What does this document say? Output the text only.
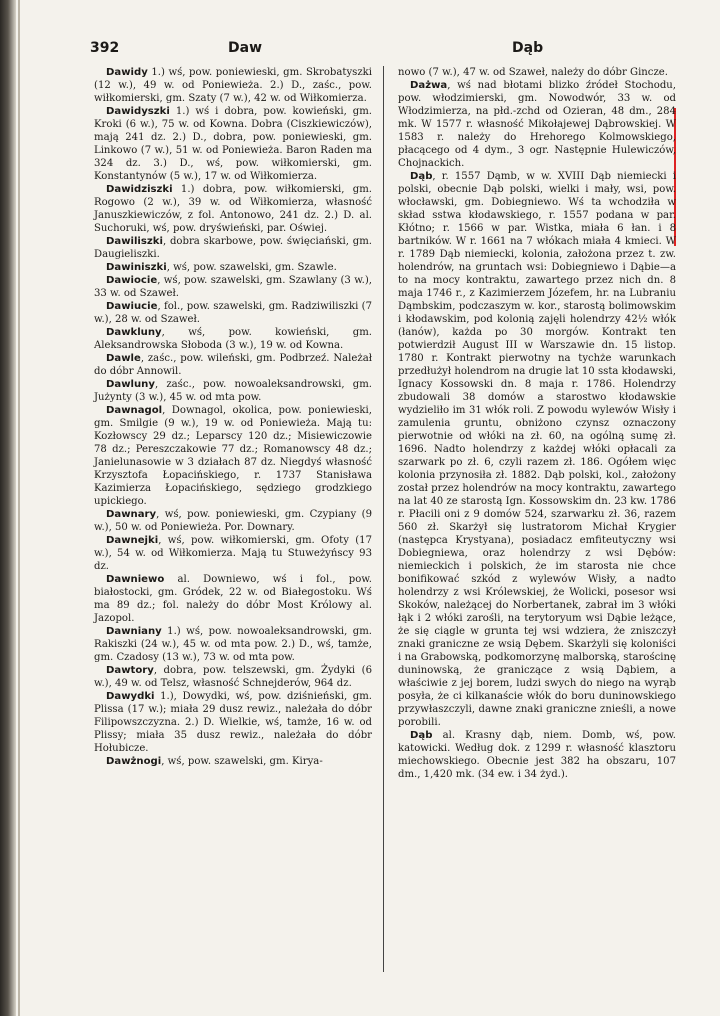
392	Daw	Dąb

Dawidy 1.) wś, pow. poniewieski, gm. Skrobatyszki (12 w.), 49 w. od Poniewieża. 2.) D., zaśc., pow. wiłkomierski, gm. Szaty (7 w.), 42 w. od Wiłkomierza.

Dawidyszki 1.) wś i dobra, pow. kowieński, gm. Kroki (6 w.), 75 w. od Kowna. Dobra (Ciszkiewiczów), mają 241 dz. 2.) D., dobra, pow. poniewieski, gm. Linkowo (7 w.), 51 w. od Poniewieża. Baron Raden ma 324 dz. 3.) D., wś, pow. wiłkomierski, gm. Konstantynów (5 w.), 17 w. od Wiłkomierza.

Dawidziszki 1.) dobra, pow. wiłkomierski, gm. Rogowo (2 w.), 39 w. od Wiłkomierza, własność Januszkiewiczów, z fol. Antonowo, 241 dz. 2.) D. al. Suchoruki, wś, pow. dryświeński, par. Oświej.

Dawiliszki, dobra skarbowe, pow. święciański, gm. Daugieliszki.

Dawiniszki, wś, pow. szawelski, gm. Szawle.

Dawiocie, wś, pow. szawelski, gm. Szawlany (3 w.), 33 w. od Szaweł.

Dawiucie, fol., pow. szawelski, gm. Radziwiliszki (7 w.), 28 w. od Szaweł.

Dawkluny, wś, pow. kowieński, gm. Aleksandrowska Słoboda (3 w.), 19 w. od Kowna.

Dawle, zaśc., pow. wileński, gm. Podbrzeź. Należał do dóbr Annowil.

Dawluny, zaśc., pow. nowoaleksandrowski, gm. Jużynty (3 w.), 45 w. od mta pow.

Dawnagol, Downagol, okolica, pow. poniewieski, gm. Smilgie (9 w.), 19 w. od Poniewieża. Mają tu: Kozłowscy 29 dz.; Leparscy 120 dz.; Misiewiczowie 78 dz.; Pereszczakowie 77 dz.; Romanowscy 48 dz.; Janielunasowie w 3 działach 87 dz. Niegdyś własność Krzysztofa Łopacińskiego, r. 1737 Stanisława Kazimierza Łopacińskiego, sędziego grodzkiego upickiego.

Dawnary, wś, pow. poniewieski, gm. Czypiany (9 w.), 50 w. od Poniewieża. Por. Downary.

Dawnejki, wś, pow. wiłkomierski, gm. Ofoty (17 w.), 54 w. od Wiłkomierza. Mają tu Stuweżyńscy 93 dz.

Dawniewo al. Downiewo, wś i fol., pow. białostocki, gm. Gródek, 22 w. od Białegostoku. Wś ma 89 dz.; fol. należy do dóbr Most Królowy al. Jazopol.

Dawniany 1.) wś, pow. nowoaleksandrowski, gm. Rakiszki (24 w.), 45 w. od mta pow. 2.) D., wś, tamże, gm. Czadosy (13 w.), 73 w. od mta pow.

Dawtory, dobra, pow. telszewski, gm. Żydyki (6 w.), 49 w. od Telsz, własność Schnejderów, 964 dz.

Dawydki 1.), Dowydki, wś, pow. dziśnieński, gm. Plissa (17 w.); miała 29 dusz rewiz., należała do dóbr Filipowszczyzna. 2.) D. Wielkie, wś, tamże, 16 w. od Plissy; miała 35 dusz rewiz., należała do dóbr Hołubicze.

Dawżnogi, wś, pow. szawelski, gm. Kirya-

nowo (7 w.), 47 w. od Szaweł, należy do dóbr Gincze.

Dażwa, wś nad błotami blizko źródeł Stochodu, pow. włodzimierski, gm. Nowodwór, 33 w. od Włodzimierza, na płd.-zchd od Ozieran, 48 dm., 284 mk. W 1577 r. własność Mikołajewej Dąbrowskiej. W 1583 r. należy do Hrehorego Kolmowskiego, płacącego od 4 dym., 3 ogr. Następnie Hulewiczów, Chojnackich.

Dąb, r. 1557 Dąmb, w w. XVIII Dąb niemiecki i polski, obecnie Dąb polski, wielki i mały, wsi, pow. włocławski, gm. Dobiegniewo. Wś ta wchodziła w skład sstwa kłodawskiego, r. 1557 podana w par. Kłótno; r. 1566 w par. Wistka, miała 6 łan. i 8 bartników. W r. 1661 na 7 włókach miała 4 kmieci. W r. 1789 Dąb niemiecki, kolonia, założona przez t. zw. holendrów, na gruntach wsi: Dobiegniewo i Dąbie—a to na mocy kontraktu, zawartego przez nich dn. 8 maja 1746 r., z Kazimierzem Józefem, hr. na Lubraniu Dąmbskim, podczaszym w. kor., starostą bolimowskim i kłodawskim, pod kolonią zajęli holendrzy 42½ włók (łanów), każda po 30 morgów. Kontrakt ten potwierdził August III w Warszawie dn. 15 listop. 1780 r. Kontrakt pierwotny na tychże warunkach przedłużył holendrom na drugie lat 10 ssta kłodawski, Ignacy Kossowski dn. 8 maja r. 1786. Holendrzy zbudowali 38 domów a starostwo kłodawskie wydzieliło im 31 włók roli. Z powodu wylewów Wisły i zamulenia gruntu, obniżono czynsz oznaczony pierwotnie od włóki na zł. 60, na ogólną sumę zł. 1696. Nadto holendrzy z każdej włóki opłacali za szarwark po zł. 6, czyli razem zł. 186. Ogółem więc kolonia przynosiła zł. 1882. Dąb polski, kol., założony został przez holendrów na mocy kontraktu, zawartego na lat 40 ze starostą Ign. Kossowskim dn. 23 kw. 1786 r. Płacili oni z 9 domów 524, szarwarku zł. 36, razem 560 zł. Skarżył się lustratorom Michał Krygier (następca Krystyana), posiadacz emfiteutyczny wsi Dobiegniewa, oraz holendrzy z wsi Dębów: niemieckich i polskich, że im starosta nie chce bonifikować szkód z wylewów Wisły, a nadto holendrzy z wsi Królewskiej, że Wolicki, posesor wsi Skoków, należącej do Norbertanek, zabrał im 3 włóki łąk i 2 włóki zarośli, na terytoryum wsi Dąbie leżące, że się ciągle w grunta tej wsi wdziera, że zniszczył znaki graniczne ze wsią Dębem. Skarżyli się koloniści i na Grabowską, podkomorzynę malborską, starościnę duninowską, że graniczące z wsią Dąbiem, a właściwie z jej borem, ludzi swych do niego na wyrąb posyła, że ci kilkanaście włók do boru duninowskiego przywłaszczyli, dawne znaki graniczne znieśli, a nowe porobili.

Dąb al. Krasny dąb, niem. Domb, wś, pow. katowicki. Według dok. z 1299 r. własność klasztoru miechowskiego. Obecnie jest 382 ha obszaru, 107 dm., 1,420 mk. (34 ew. i 34 żyd.).
